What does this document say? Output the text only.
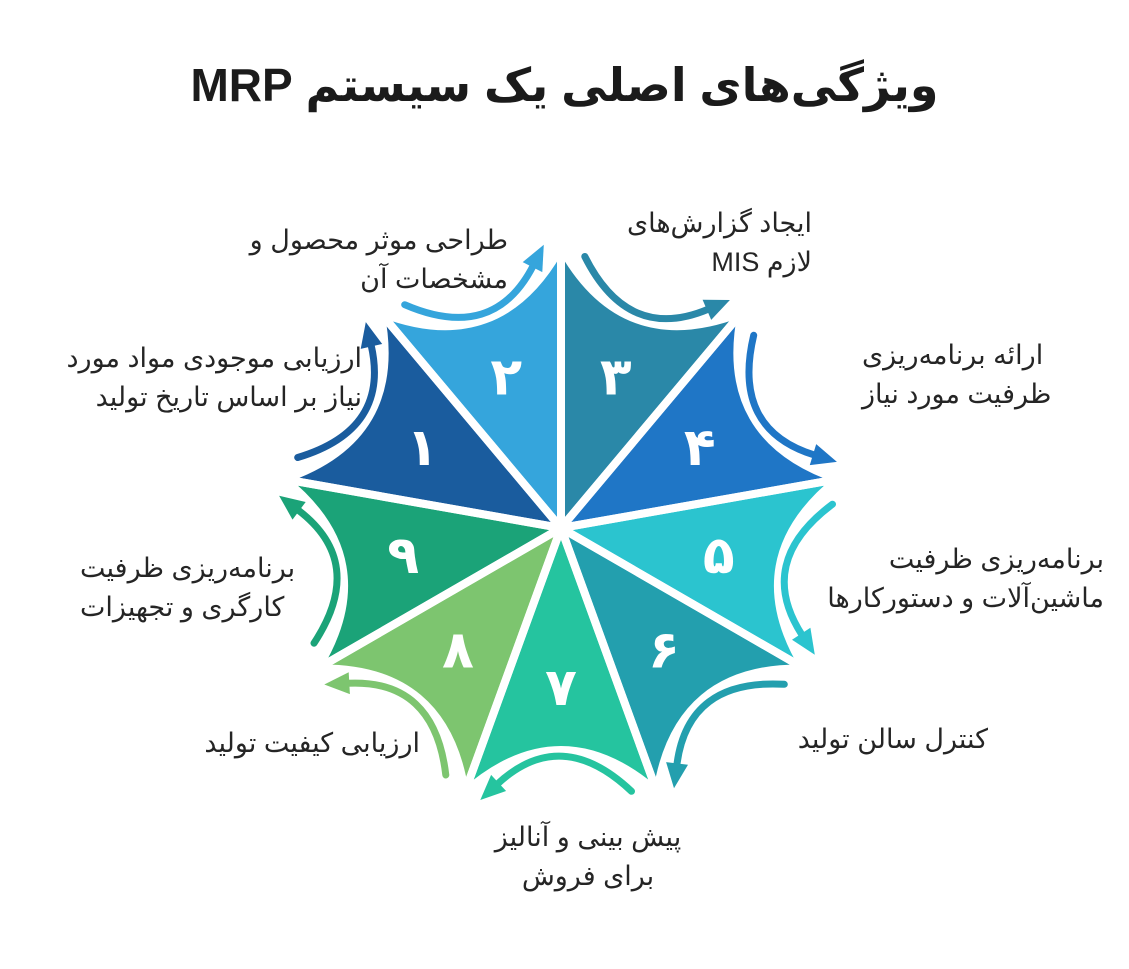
ویژگی‌های اصلی یک سیستم MRP
۱
۲ ۳
۴
۵
۶
۷
۸
۹
ارزیابی موجودی مواد مورد
نیاز بر اساس تاریخ تولید
طراحی موثر محصول و
مشخصات آن
ایجاد گزارش‌های
لازم MIS
ارائه برنامه‌ریزی
ظرفیت مورد نیاز
برنامه‌ریزی ظرفیت
ماشین‌آلات و دستورکارها
کنترل سالن تولید
پیش بینی و آنالیز
برای فروش
ارزیابی کیفیت تولید
برنامه‌ریزی ظرفیت
کارگری و تجهیزات
